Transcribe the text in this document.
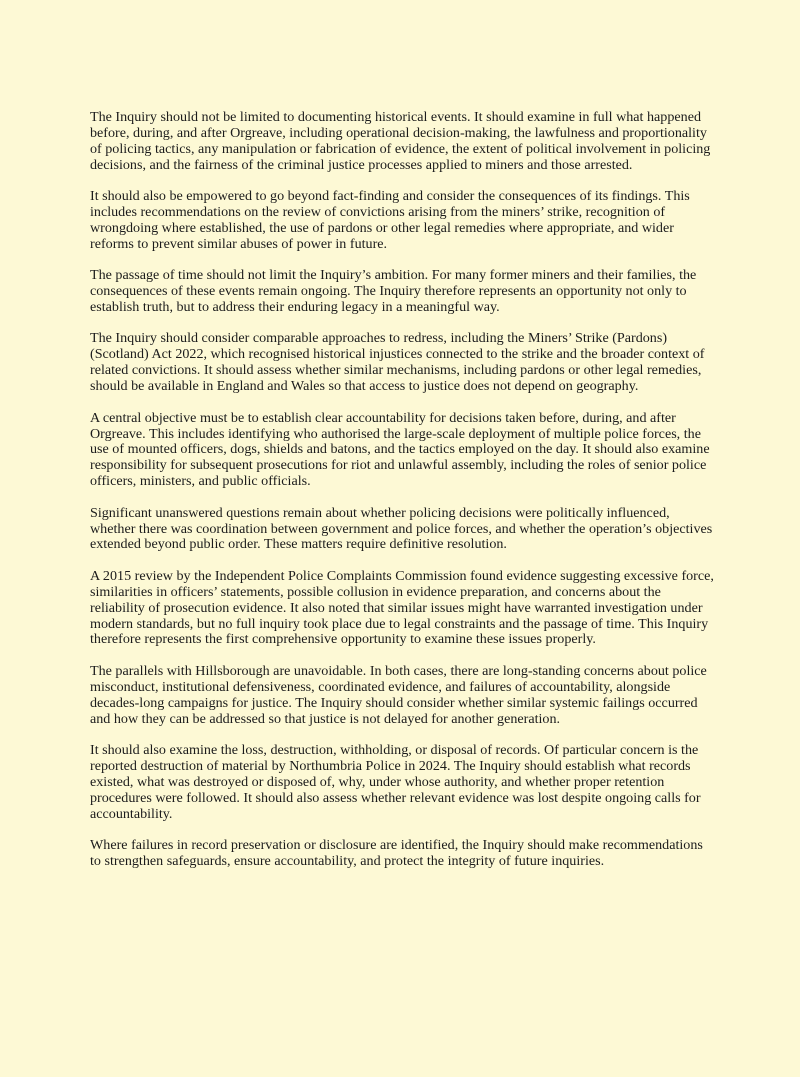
The Inquiry should not be limited to documenting historical events. It should examine in full what happened before, during, and after Orgreave, including operational decision-making, the lawfulness and proportionality of policing tactics, any manipulation or fabrication of evidence, the extent of political involvement in policing decisions, and the fairness of the criminal justice processes applied to miners and those arrested.

It should also be empowered to go beyond fact-finding and consider the consequences of its findings. This includes recommendations on the review of convictions arising from the miners’ strike, recognition of wrongdoing where established, the use of pardons or other legal remedies where appropriate, and wider reforms to prevent similar abuses of power in future.

The passage of time should not limit the Inquiry’s ambition. For many former miners and their families, the consequences of these events remain ongoing. The Inquiry therefore represents an opportunity not only to establish truth, but to address their enduring legacy in a meaningful way.

The Inquiry should consider comparable approaches to redress, including the Miners’ Strike (Pardons) (Scotland) Act 2022, which recognised historical injustices connected to the strike and the broader context of related convictions. It should assess whether similar mechanisms, including pardons or other legal remedies, should be available in England and Wales so that access to justice does not depend on geography.

A central objective must be to establish clear accountability for decisions taken before, during, and after Orgreave. This includes identifying who authorised the large-scale deployment of multiple police forces, the use of mounted officers, dogs, shields and batons, and the tactics employed on the day. It should also examine responsibility for subsequent prosecutions for riot and unlawful assembly, including the roles of senior police officers, ministers, and public officials.

Significant unanswered questions remain about whether policing decisions were politically influenced, whether there was coordination between government and police forces, and whether the operation’s objectives extended beyond public order. These matters require definitive resolution.

A 2015 review by the Independent Police Complaints Commission found evidence suggesting excessive force, similarities in officers’ statements, possible collusion in evidence preparation, and concerns about the reliability of prosecution evidence. It also noted that similar issues might have warranted investigation under modern standards, but no full inquiry took place due to legal constraints and the passage of time. This Inquiry therefore represents the first comprehensive opportunity to examine these issues properly.

The parallels with Hillsborough are unavoidable. In both cases, there are long-standing concerns about police misconduct, institutional defensiveness, coordinated evidence, and failures of accountability, alongside decades-long campaigns for justice. The Inquiry should consider whether similar systemic failings occurred and how they can be addressed so that justice is not delayed for another generation.

It should also examine the loss, destruction, withholding, or disposal of records. Of particular concern is the reported destruction of material by Northumbria Police in 2024. The Inquiry should establish what records existed, what was destroyed or disposed of, why, under whose authority, and whether proper retention procedures were followed. It should also assess whether relevant evidence was lost despite ongoing calls for accountability.

Where failures in record preservation or disclosure are identified, the Inquiry should make recommendations to strengthen safeguards, ensure accountability, and protect the integrity of future inquiries.
